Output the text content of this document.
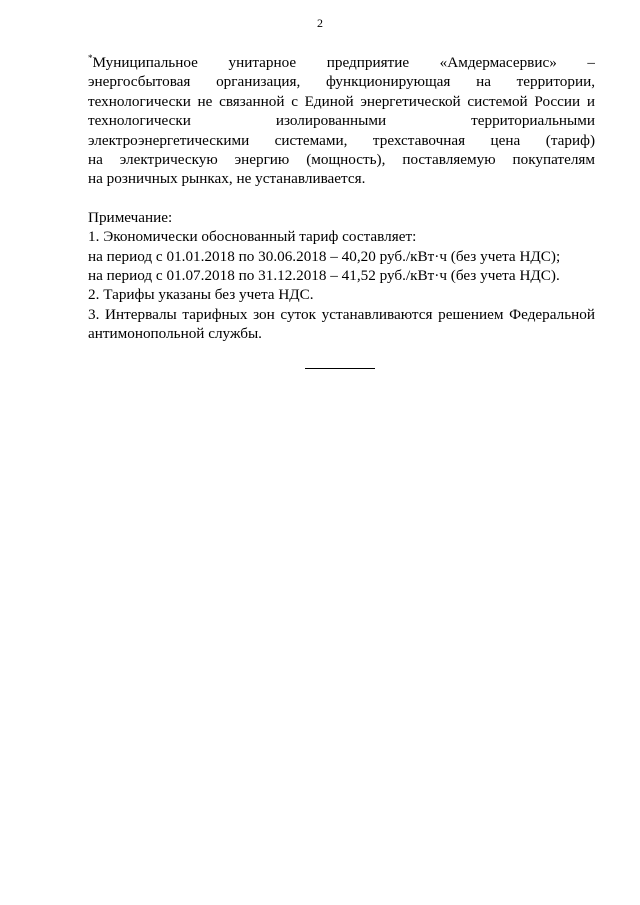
2
*Муниципальное унитарное предприятие «Амдермасервис» –
энергосбытовая организация, функционирующая на территории,
технологически не связанной с Единой энергетической системой России и
технологически изолированными территориальными
электроэнергетическими системами, трехставочная цена (тариф)
на электрическую энергию (мощность), поставляемую покупателям
на розничных рынках, не устанавливается.
Примечание:
1. Экономически обоснованный тариф составляет:
на период с 01.01.2018 по 30.06.2018 – 40,20 руб./кВт·ч (без учета НДС);
на период с 01.07.2018 по 31.12.2018 – 41,52 руб./кВт·ч (без учета НДС).
2. Тарифы указаны без учета НДС.
3. Интервалы тарифных зон суток устанавливаются решением Федеральной
антимонопольной службы.
